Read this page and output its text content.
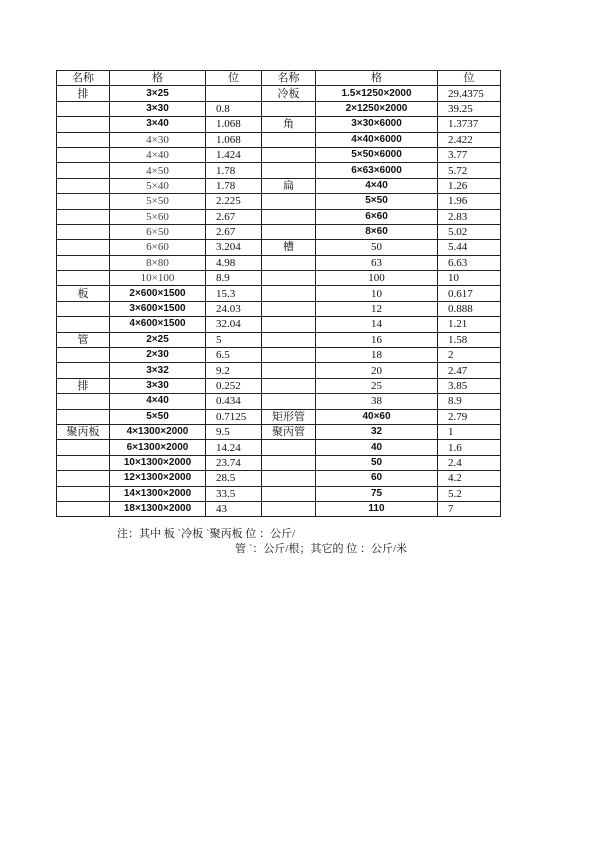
名称	格	位	名称	格	位
排	3×25		冷板	1.5×1250×2000	29.4375
	3×30	0.8		2×1250×2000	39.25
	3×40	1.068	角	3×30×6000	1.3737
	4×30	1.068		4×40×6000	2.422
	4×40	1.424		5×50×6000	3.77
	4×50	1.78		6×63×6000	5.72
	5×40	1.78	扁	4×40	1.26
	5×50	2.225		5×50	1.96
	5×60	2.67		6×60	2.83
	6×50	2.67		8×60	5.02
	6×60	3.204	槽	50	5.44
	8×80	4.98		63	6.63
	10×100	8.9		100	10
板	2×600×1500	15.3		10	0.617
	3×600×1500	24.03		12	0.888
	4×600×1500	32.04		14	1.21
管	2×25	5		16	1.58
	2×30	6.5		18	2
	3×32	9.2		20	2.47
排	3×30	0.252		25	3.85
	4×40	0.434		38	8.9
	5×50	0.7125	矩形管	40×60	2.79
聚丙板	4×1300×2000	9.5	聚丙管	32	1
	6×1300×2000	14.24		40	1.6
	10×1300×2000	23.74		50	2.4
	12×1300×2000	28.5		60	4.2
	14×1300×2000	33.5		75	5.2
	18×1300×2000	43		110	7
注：其中 板 `冷板 `聚丙板 位 ：公斤/
管 `：公斤/根；其它的 位 ：公斤/米
